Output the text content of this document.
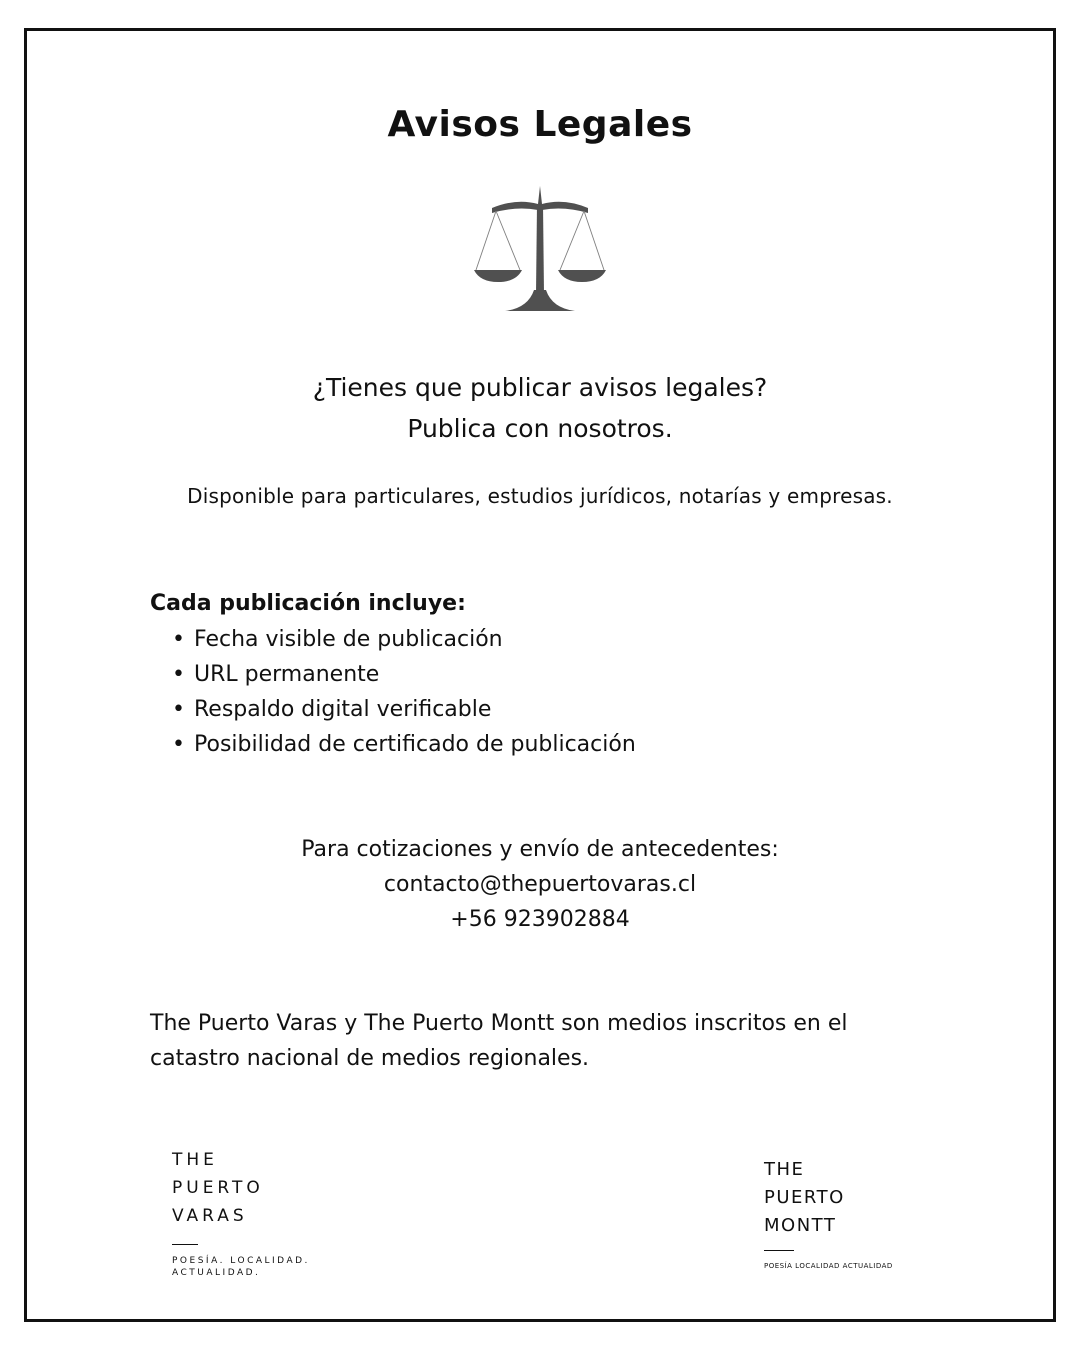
Avisos Legales
¿Tienes que publicar avisos legales?
Publica con nosotros.
Disponible para particulares, estudios jurídicos, notarías y empresas.
Cada publicación incluye:
• Fecha visible de publicación
• URL permanente
• Respaldo digital verificable
• Posibilidad de certificado de publicación
Para cotizaciones y envío de antecedentes:
contacto@thepuertovaras.cl
+56 923902884
The Puerto Varas y The Puerto Montt son medios inscritos en el catastro nacional de medios regionales.
THE
PUERTO
VARAS
POESÍA. LOCALIDAD. ACTUALIDAD.
THE
PUERTO
MONTT
POESÍA LOCALIDAD ACTUALIDAD
